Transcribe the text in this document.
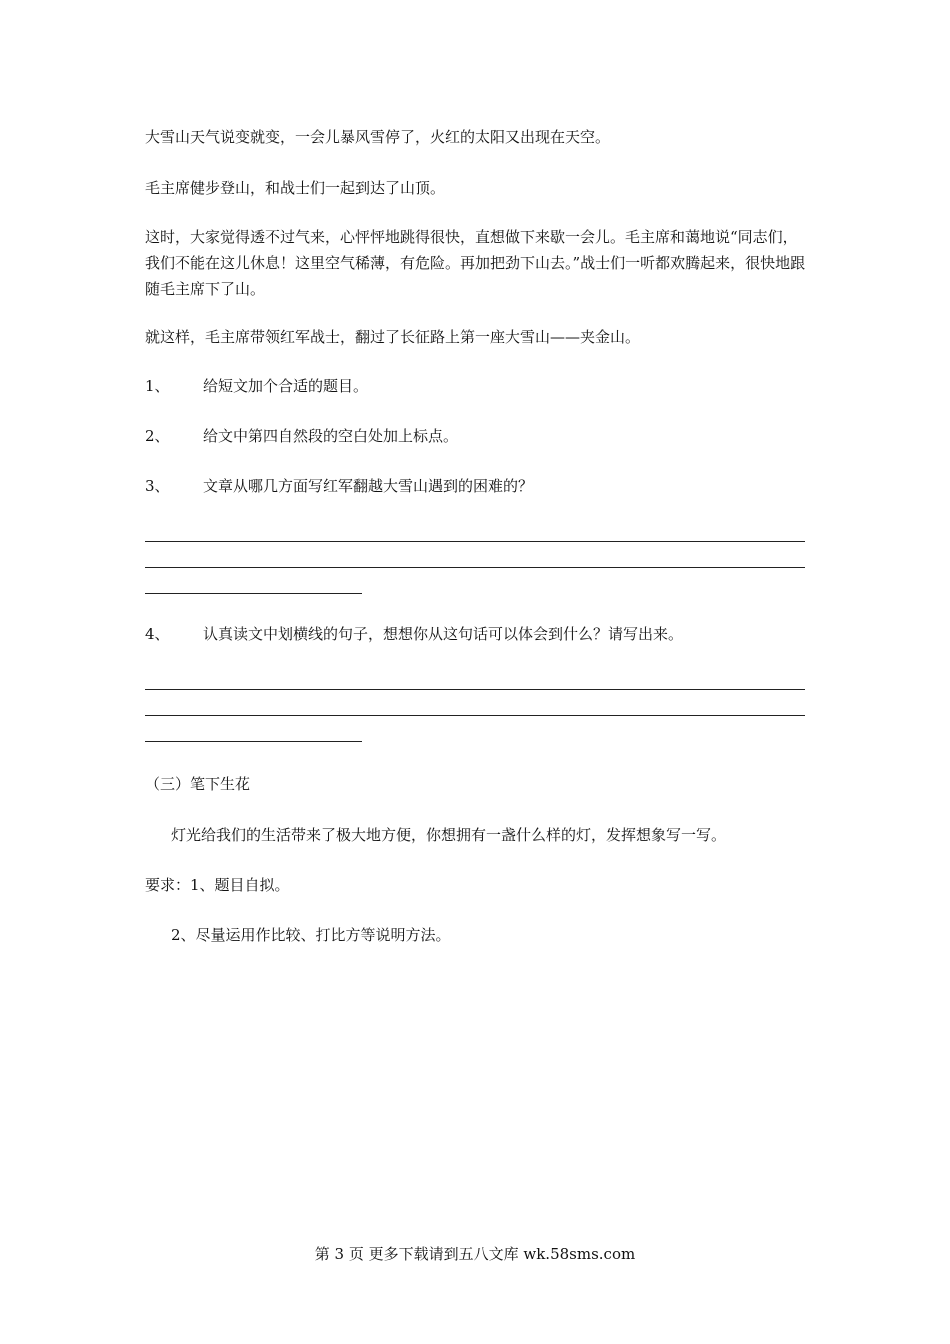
大雪山天气说变就变，一会儿暴风雪停了，火红的太阳又出现在天空。
毛主席健步登山，和战士们一起到达了山顶。
这时，大家觉得透不过气来，心怦怦地跳得很快，直想做下来歇一会儿。毛主席和蔼地说“同志们，我们不能在这儿休息！这里空气稀薄，有危险。再加把劲下山去。”战士们一听都欢腾起来，很快地跟随毛主席下了山。
就这样，毛主席带领红军战士，翻过了长征路上第一座大雪山——夹金山。
1、 给短文加个合适的题目。
2、 给文中第四自然段的空白处加上标点。
3、 文章从哪几方面写红军翻越大雪山遇到的困难的？
4、 认真读文中划横线的句子，想想你从这句话可以体会到什么？请写出来。
（三）笔下生花
灯光给我们的生活带来了极大地方便，你想拥有一盏什么样的灯，发挥想象写一写。
要求：1、题目自拟。
2、尽量运用作比较、打比方等说明方法。
第 3 页 更多下载请到五八文库 wk.58sms.com
